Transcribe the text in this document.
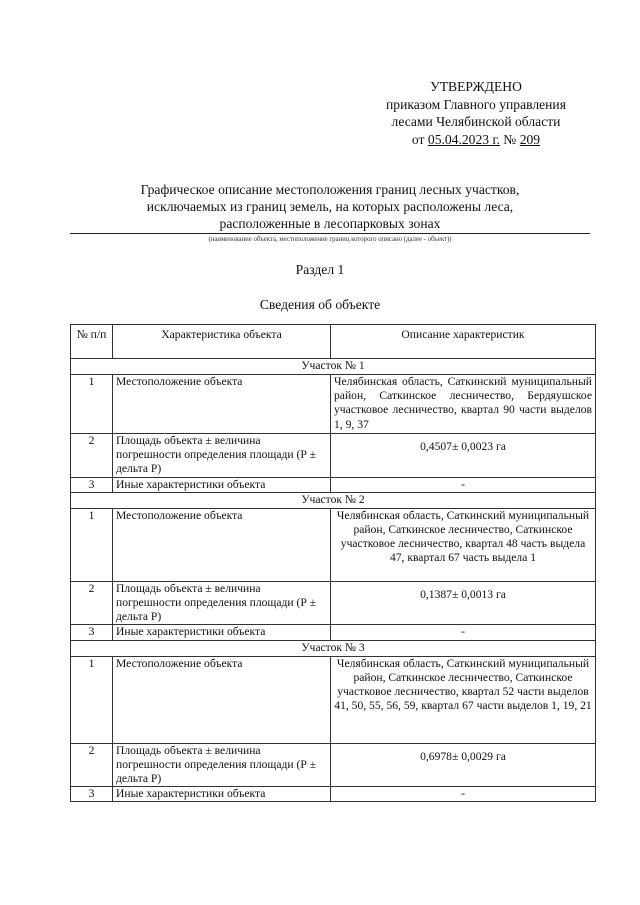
УТВЕРЖДЕНО
приказом Главного управления
лесами Челябинской области
от 05.04.2023 г. № 209
Графическое описание местоположения границ лесных участков,
исключаемых из границ земель, на которых расположены леса,
расположенные в лесопарковых зонах
(наименование объекта, местоположение границ которого описано (далее - объект))
Раздел 1
Сведения об объекте
№ п/п	Характеристика объекта	Описание характеристик
Участок № 1		
1	Местоположение объекта	Челябинская область, Саткинский муниципальный район, Саткинское лесничество, Бердяушское участковое лесничество, квартал 90 части выделов 1, 9, 37
2	Площадь объекта ± величина погрешности определения площади (Р ± дельта Р)	0,4507± 0,0023 га
3	Иные характеристики объекта	-
Участок № 2		
1	Местоположение объекта	Челябинская область, Саткинский муниципальный район, Саткинское лесничество, Саткинское участковое лесничество, квартал 48 часть выдела 47, квартал 67 часть выдела 1
2	Площадь объекта ± величина погрешности определения площади (Р ± дельта Р)	0,1387± 0,0013 га
3	Иные характеристики объекта	-
Участок № 3		
1	Местоположение объекта	Челябинская область, Саткинский муниципальный район, Саткинское лесничество, Саткинское участковое лесничество, квартал 52 части выделов 41, 50, 55, 56, 59, квартал 67 части выделов 1, 19, 21
2	Площадь объекта ± величина погрешности определения площади (Р ± дельта Р)	0,6978± 0,0029 га
3	Иные характеристики объекта	-
